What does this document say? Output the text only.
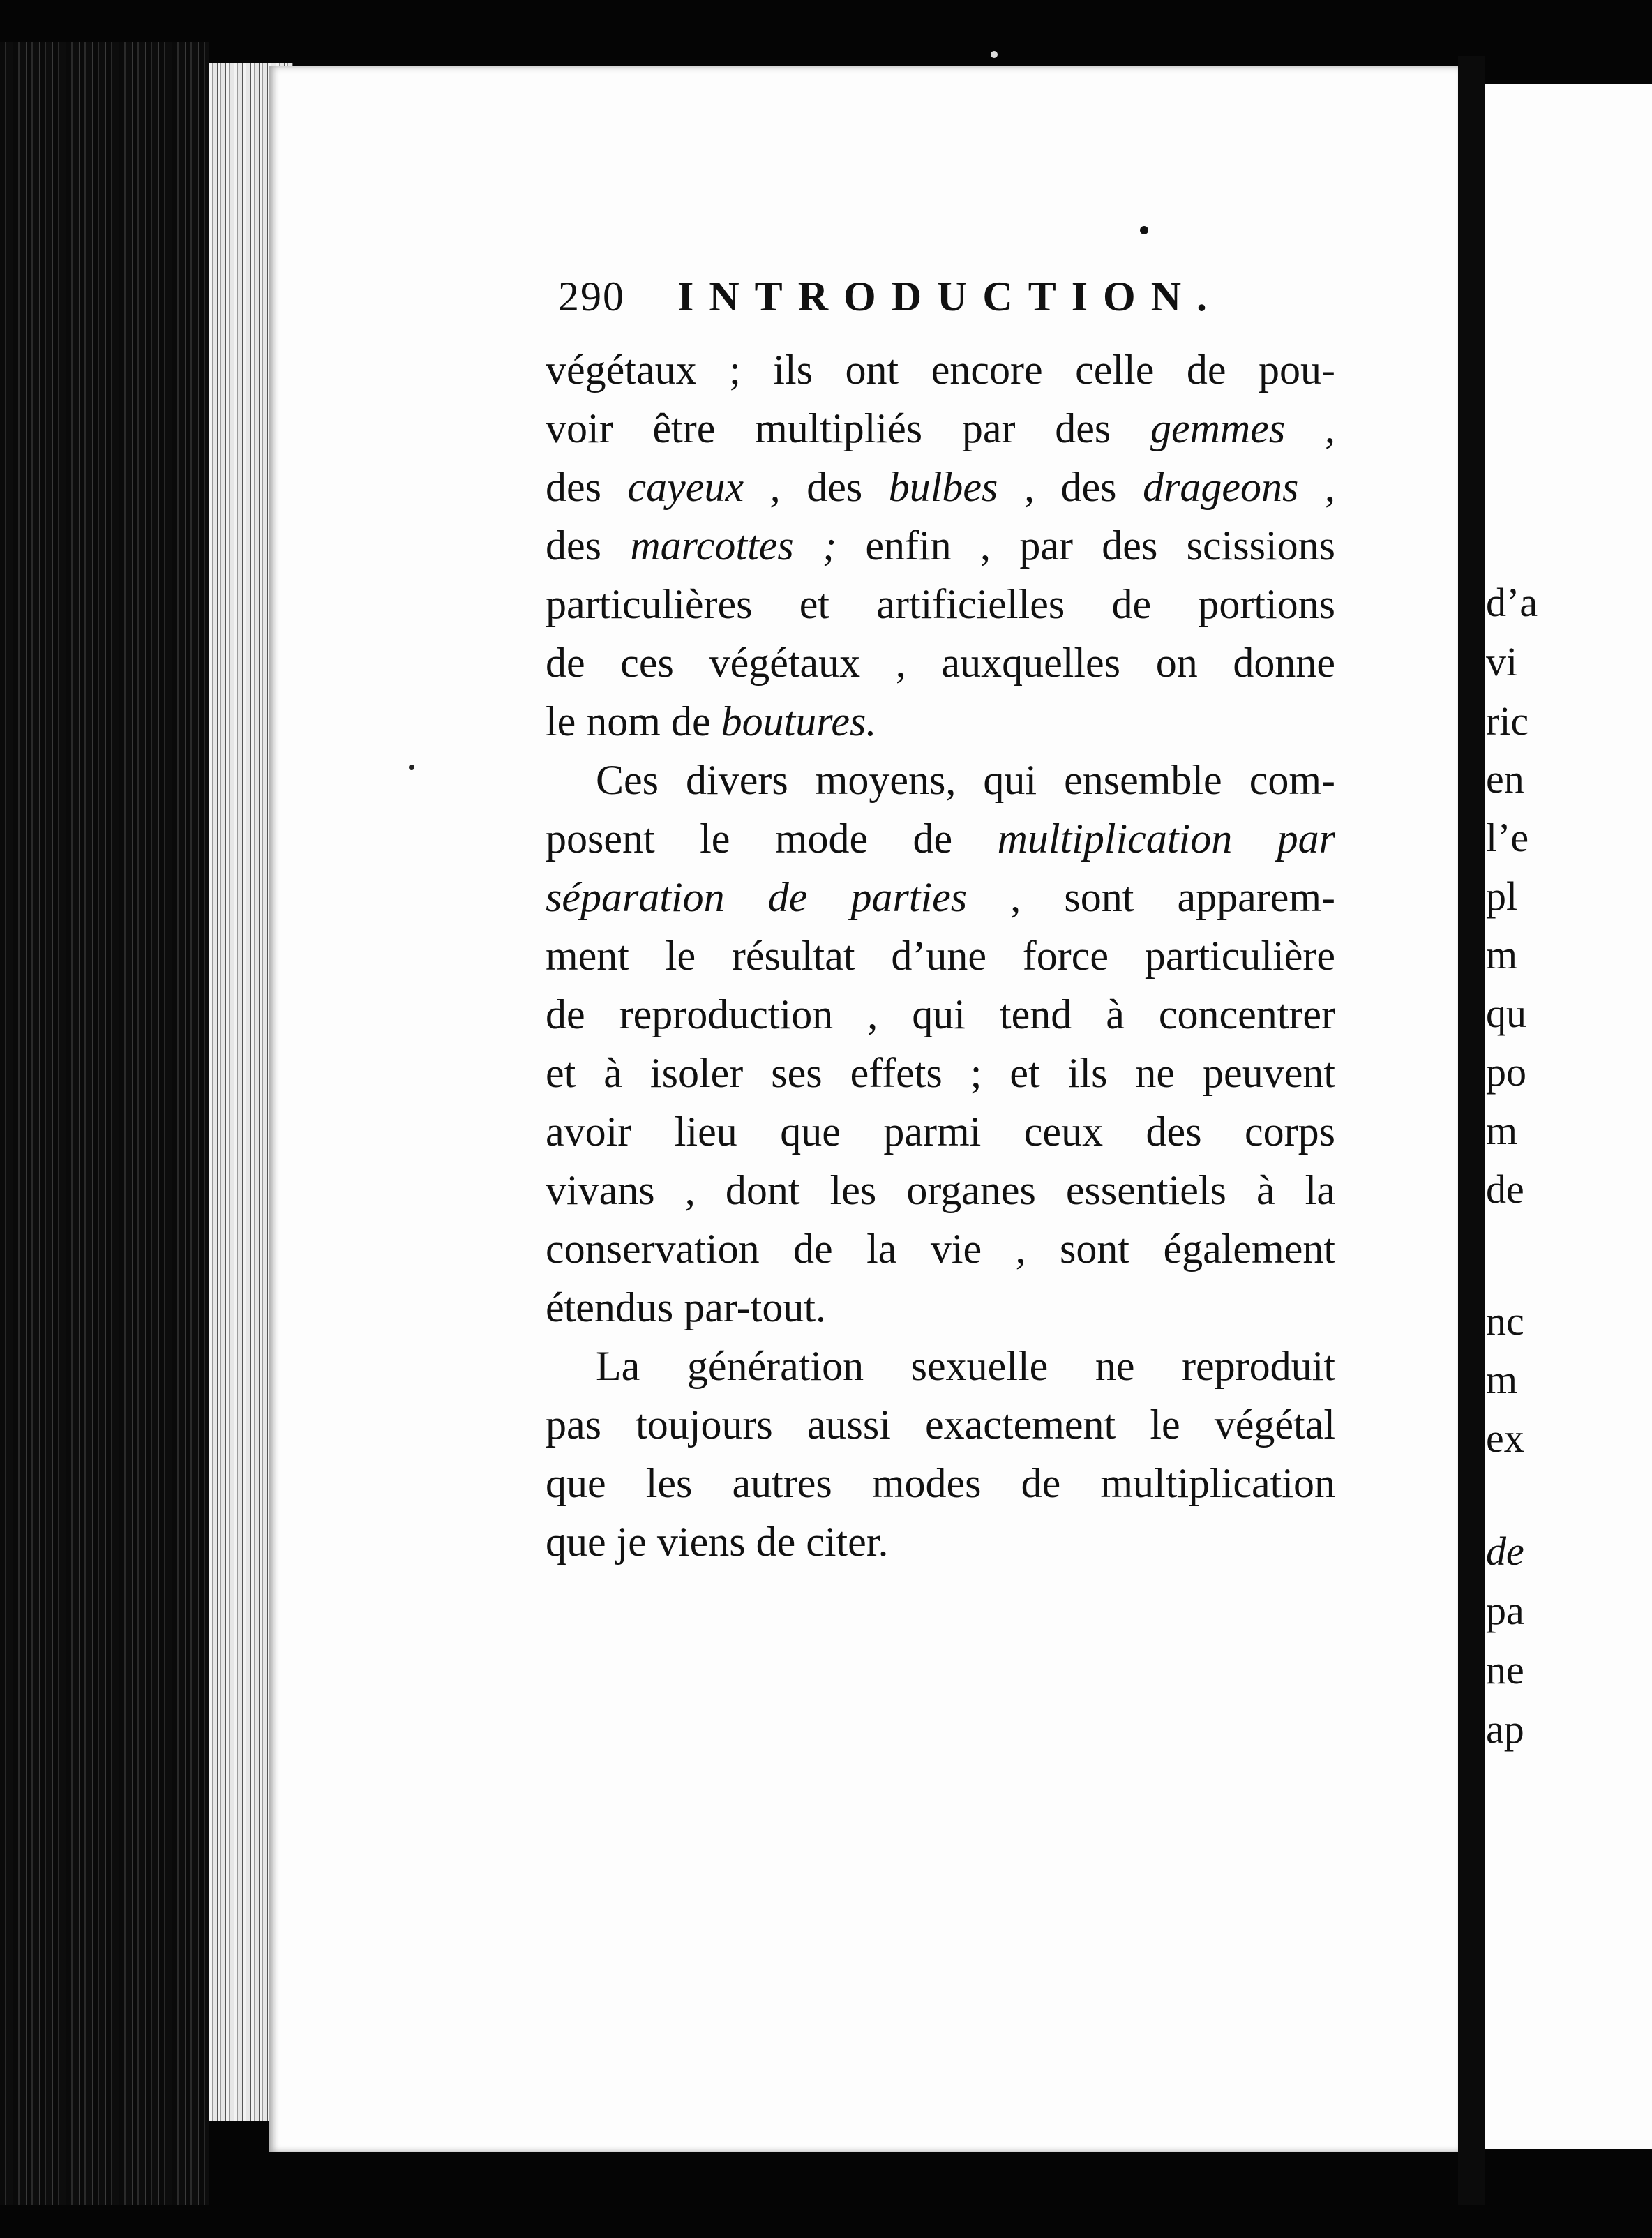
290 INTRODUCTION.
végétaux ; ils ont encore celle de pou-
voir être multipliés par des gemmes ,
des cayeux , des bulbes , des drageons ,
des marcottes ; enfin , par des scissions
particulières et artificielles de portions
de ces végétaux , auxquelles on donne
le nom de boutures.
Ces divers moyens, qui ensemble com-
posent le mode de multiplication par
séparation de parties , sont apparem-
ment le résultat d’une force particulière
de reproduction , qui tend à concentrer
et à isoler ses effets ; et ils ne peuvent
avoir lieu que parmi ceux des corps
vivans , dont les organes essentiels à la
conservation de la vie , sont également
étendus par-tout.
La génération sexuelle ne reproduit
pas toujours aussi exactement le végétal
que les autres modes de multiplication
que je viens de citer.
d’a
vi
ric
en
l’e
pl
m
qu
po
m
de
nc
m
ex
de
pa
ne
ap
